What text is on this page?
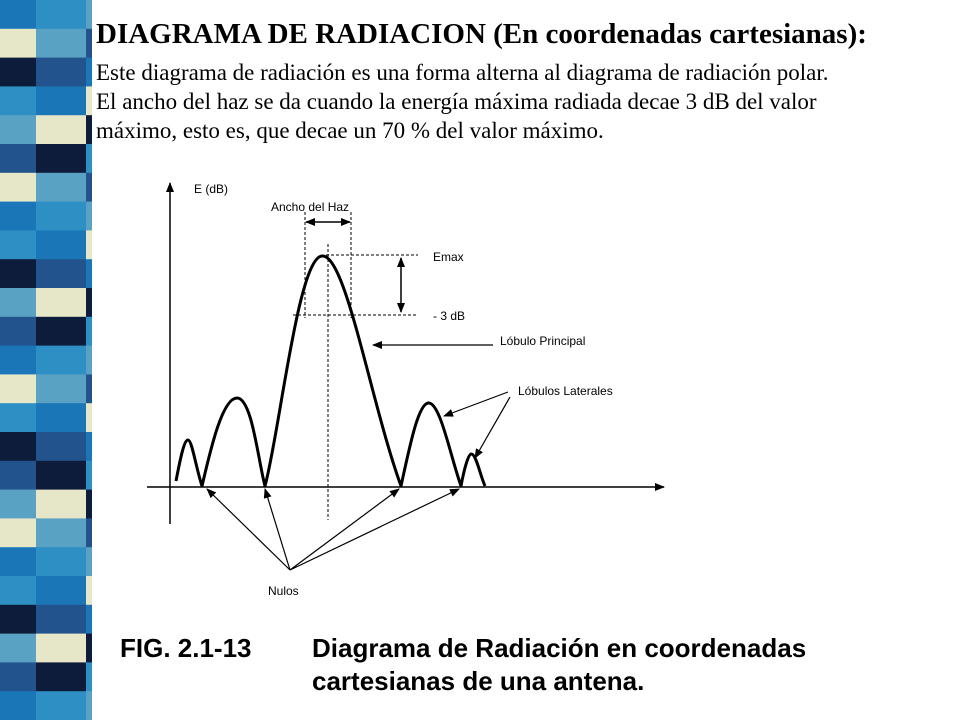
DIAGRAMA DE RADIACION (En coordenadas cartesianas):
Este diagrama de radiación es una forma alterna al diagrama de radiación polar.
El ancho del haz se da cuando la energía máxima radiada decae 3 dB del valor
máximo, esto es, que decae un 70 % del valor máximo.
Ancho del Haz
Emax
- 3 dB
E (dB)
Lóbulo Principal
Lóbulos Laterales
Nulos
FIG. 2.1-13 Diagrama de Radiación en coordenadas
cartesianas de una antena.
